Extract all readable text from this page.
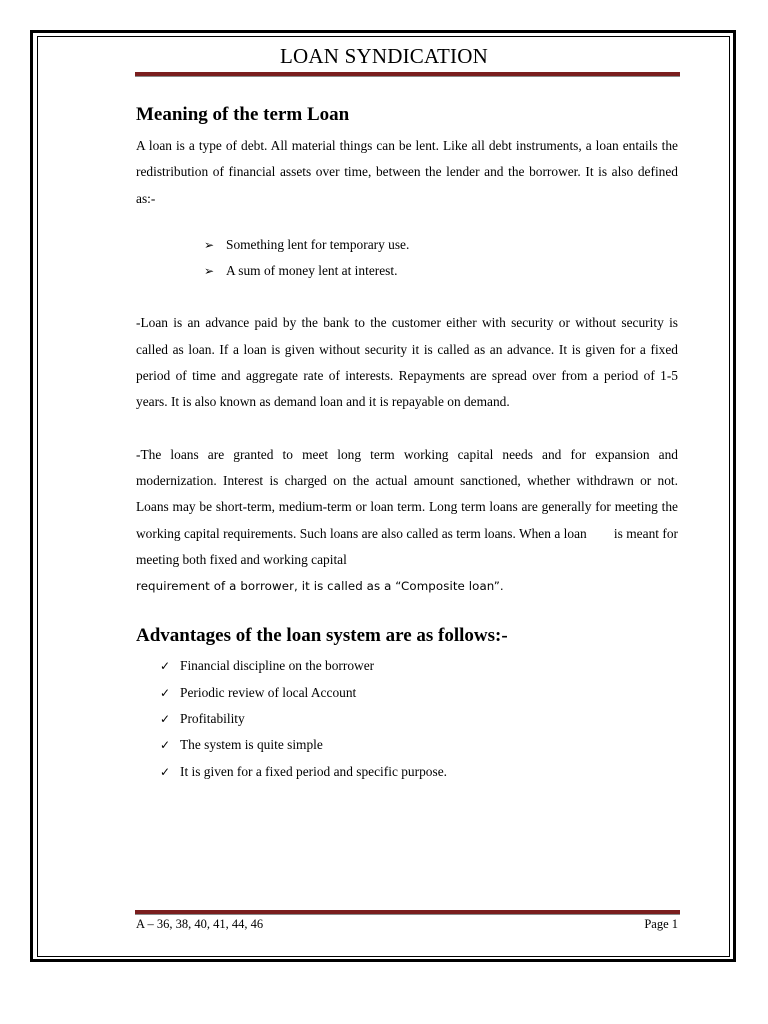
LOAN SYNDICATION
Meaning of the term Loan

A loan is a type of debt. All material things can be lent. Like all debt instruments, a loan entails the redistribution of financial assets over time, between the lender and the borrower. It is also defined as:-

➢ Something lent for temporary use.
➢ A sum of money lent at interest.

-Loan is an advance paid by the bank to the customer either with security or without security is called as loan. If a loan is given without security it is called as an advance. It is given for a fixed period of time and aggregate rate of interests. Repayments are spread over from a period of 1-5 years. It is also known as demand loan and it is repayable on demand.

-The loans are granted to meet long term working capital needs and for expansion and modernization. Interest is charged on the actual amount sanctioned, whether withdrawn or not. Loans may be short-term, medium-term or loan term. Long term loans are generally for meeting the working capital requirements. Such loans are also called as term loans. When a loan        is meant for meeting both fixed and working capital
requirement of a borrower, it is called as a “Composite loan”.

Advantages of the loan system are as follows:-
✓ Financial discipline on the borrower
✓ Periodic review of local Account
✓ Profitability
✓ The system is quite simple
✓ It is given for a fixed period and specific purpose.
A – 36, 38, 40, 41, 44, 46	Page 1
